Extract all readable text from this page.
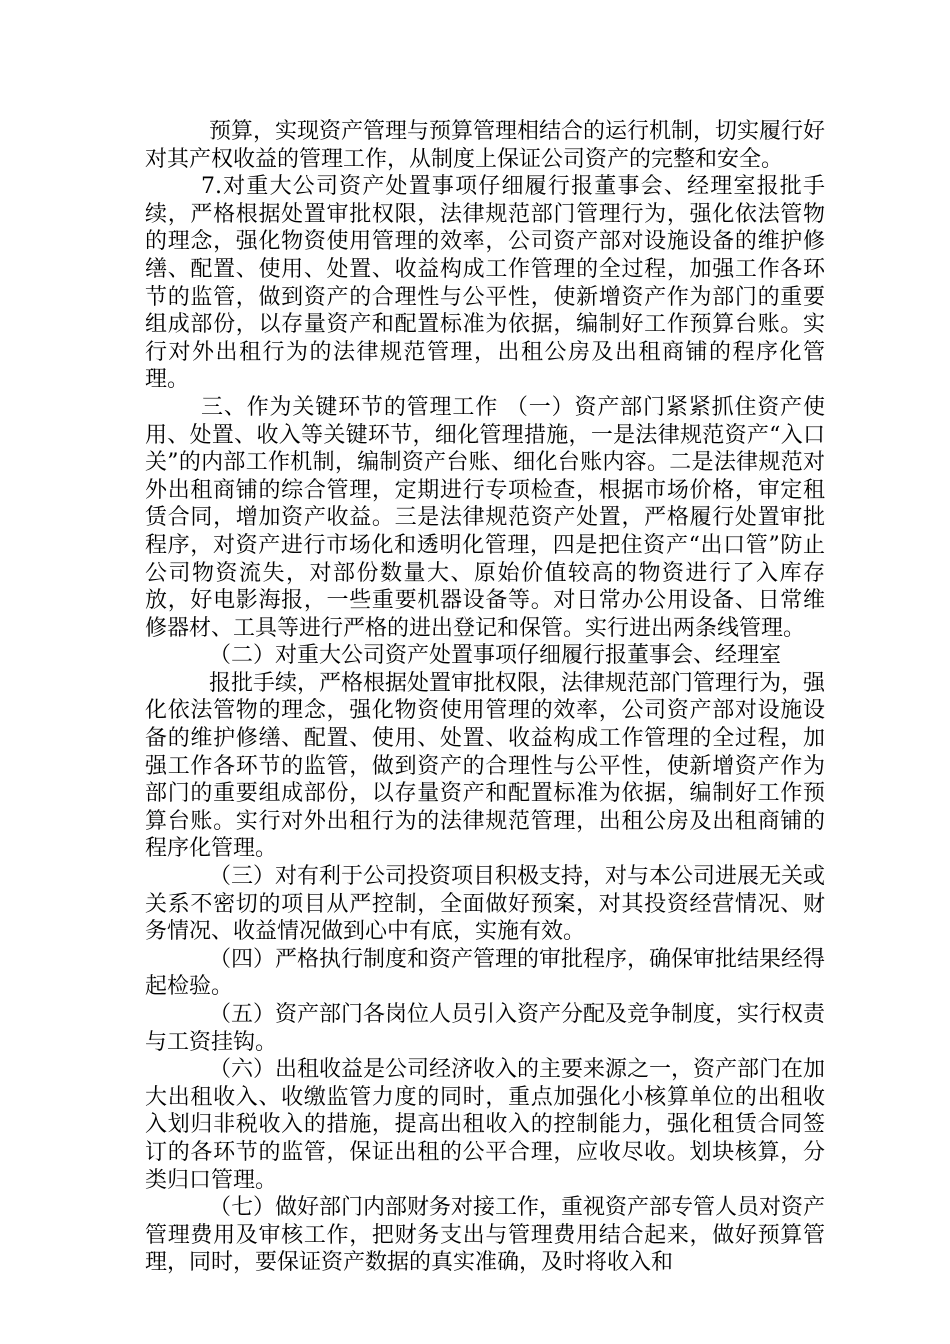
预算，实现资产管理与预算管理相结合的运行机制，切实履行好对其产权收益的管理工作，从制度上保证公司资产的完整和安全。

7.对重大公司资产处置事项仔细履行报董事会、经理室报批手续，严格根据处置审批权限，法律规范部门管理行为，强化依法管物的理念，强化物资使用管理的效率，公司资产部对设施设备的维护修缮、配置、使用、处置、收益构成工作管理的全过程，加强工作各环节的监管，做到资产的合理性与公平性，使新增资产作为部门的重要组成部份，以存量资产和配置标准为依据，编制好工作预算台账。实行对外出租行为的法律规范管理，出租公房及出租商铺的程序化管理。

三、作为关键环节的管理工作 （一）资产部门紧紧抓住资产使用、处置、收入等关键环节，细化管理措施，一是法律规范资产“入口关”的内部工作机制，编制资产台账、细化台账内容。二是法律规范对外出租商铺的综合管理，定期进行专项检查，根据市场价格，审定租赁合同，增加资产收益。三是法律规范资产处置，严格履行处置审批程序，对资产进行市场化和透明化管理，四是把住资产“出口管”防止公司物资流失，对部份数量大、原始价值较高的物资进行了入库存放，好电影海报，一些重要机器设备等。对日常办公用设备、日常维修器材、工具等进行严格的进出登记和保管。实行进出两条线管理。

（二）对重大公司资产处置事项仔细履行报董事会、经理室

报批手续，严格根据处置审批权限，法律规范部门管理行为，强化依法管物的理念，强化物资使用管理的效率，公司资产部对设施设备的维护修缮、配置、使用、处置、收益构成工作管理的全过程，加强工作各环节的监管，做到资产的合理性与公平性，使新增资产作为部门的重要组成部份，以存量资产和配置标准为依据，编制好工作预算台账。实行对外出租行为的法律规范管理，出租公房及出租商铺的程序化管理。

（三）对有利于公司投资项目积极支持，对与本公司进展无关或关系不密切的项目从严控制，全面做好预案，对其投资经营情况、财务情况、收益情况做到心中有底，实施有效。

（四）严格执行制度和资产管理的审批程序，确保审批结果经得起检验。

（五）资产部门各岗位人员引入资产分配及竞争制度，实行权责与工资挂钩。

（六）出租收益是公司经济收入的主要来源之一，资产部门在加大出租收入、收缴监管力度的同时，重点加强化小核算单位的出租收入划归非税收入的措施，提高出租收入的控制能力，强化租赁合同签订的各环节的监管，保证出租的公平合理，应收尽收。划块核算，分类归口管理。

（七）做好部门内部财务对接工作，重视资产部专管人员对资产管理费用及审核工作，把财务支出与管理费用结合起来，做好预算管理，同时，要保证资产数据的真实准确，及时将收入和
